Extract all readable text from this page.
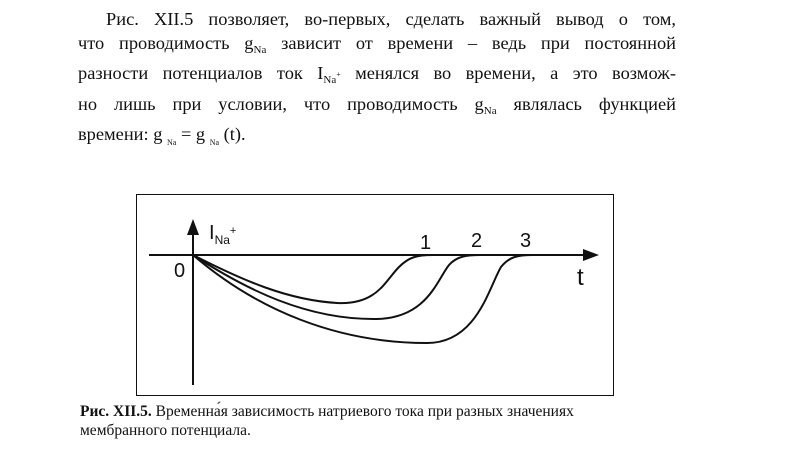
Рис. XII.5 позволяет, во-первых, сделать важный вывод о том,
что проводимость $g_{Na}$ зависит от времени – ведь при постоянной
разности потенциалов ток $I_{Na^+}$ менялся во времени, а это возмож-
но лишь при условии, что проводимость $g_{Na}$ являлась функцией
времени: g $_{Na}$ = g $_{Na}$ (t).
0
$I_{Na}^+$
t
1 2 3
Рис. XII.5. Временна́я зависимость натриевого тока при разных значениях
мембранного потенциала.
